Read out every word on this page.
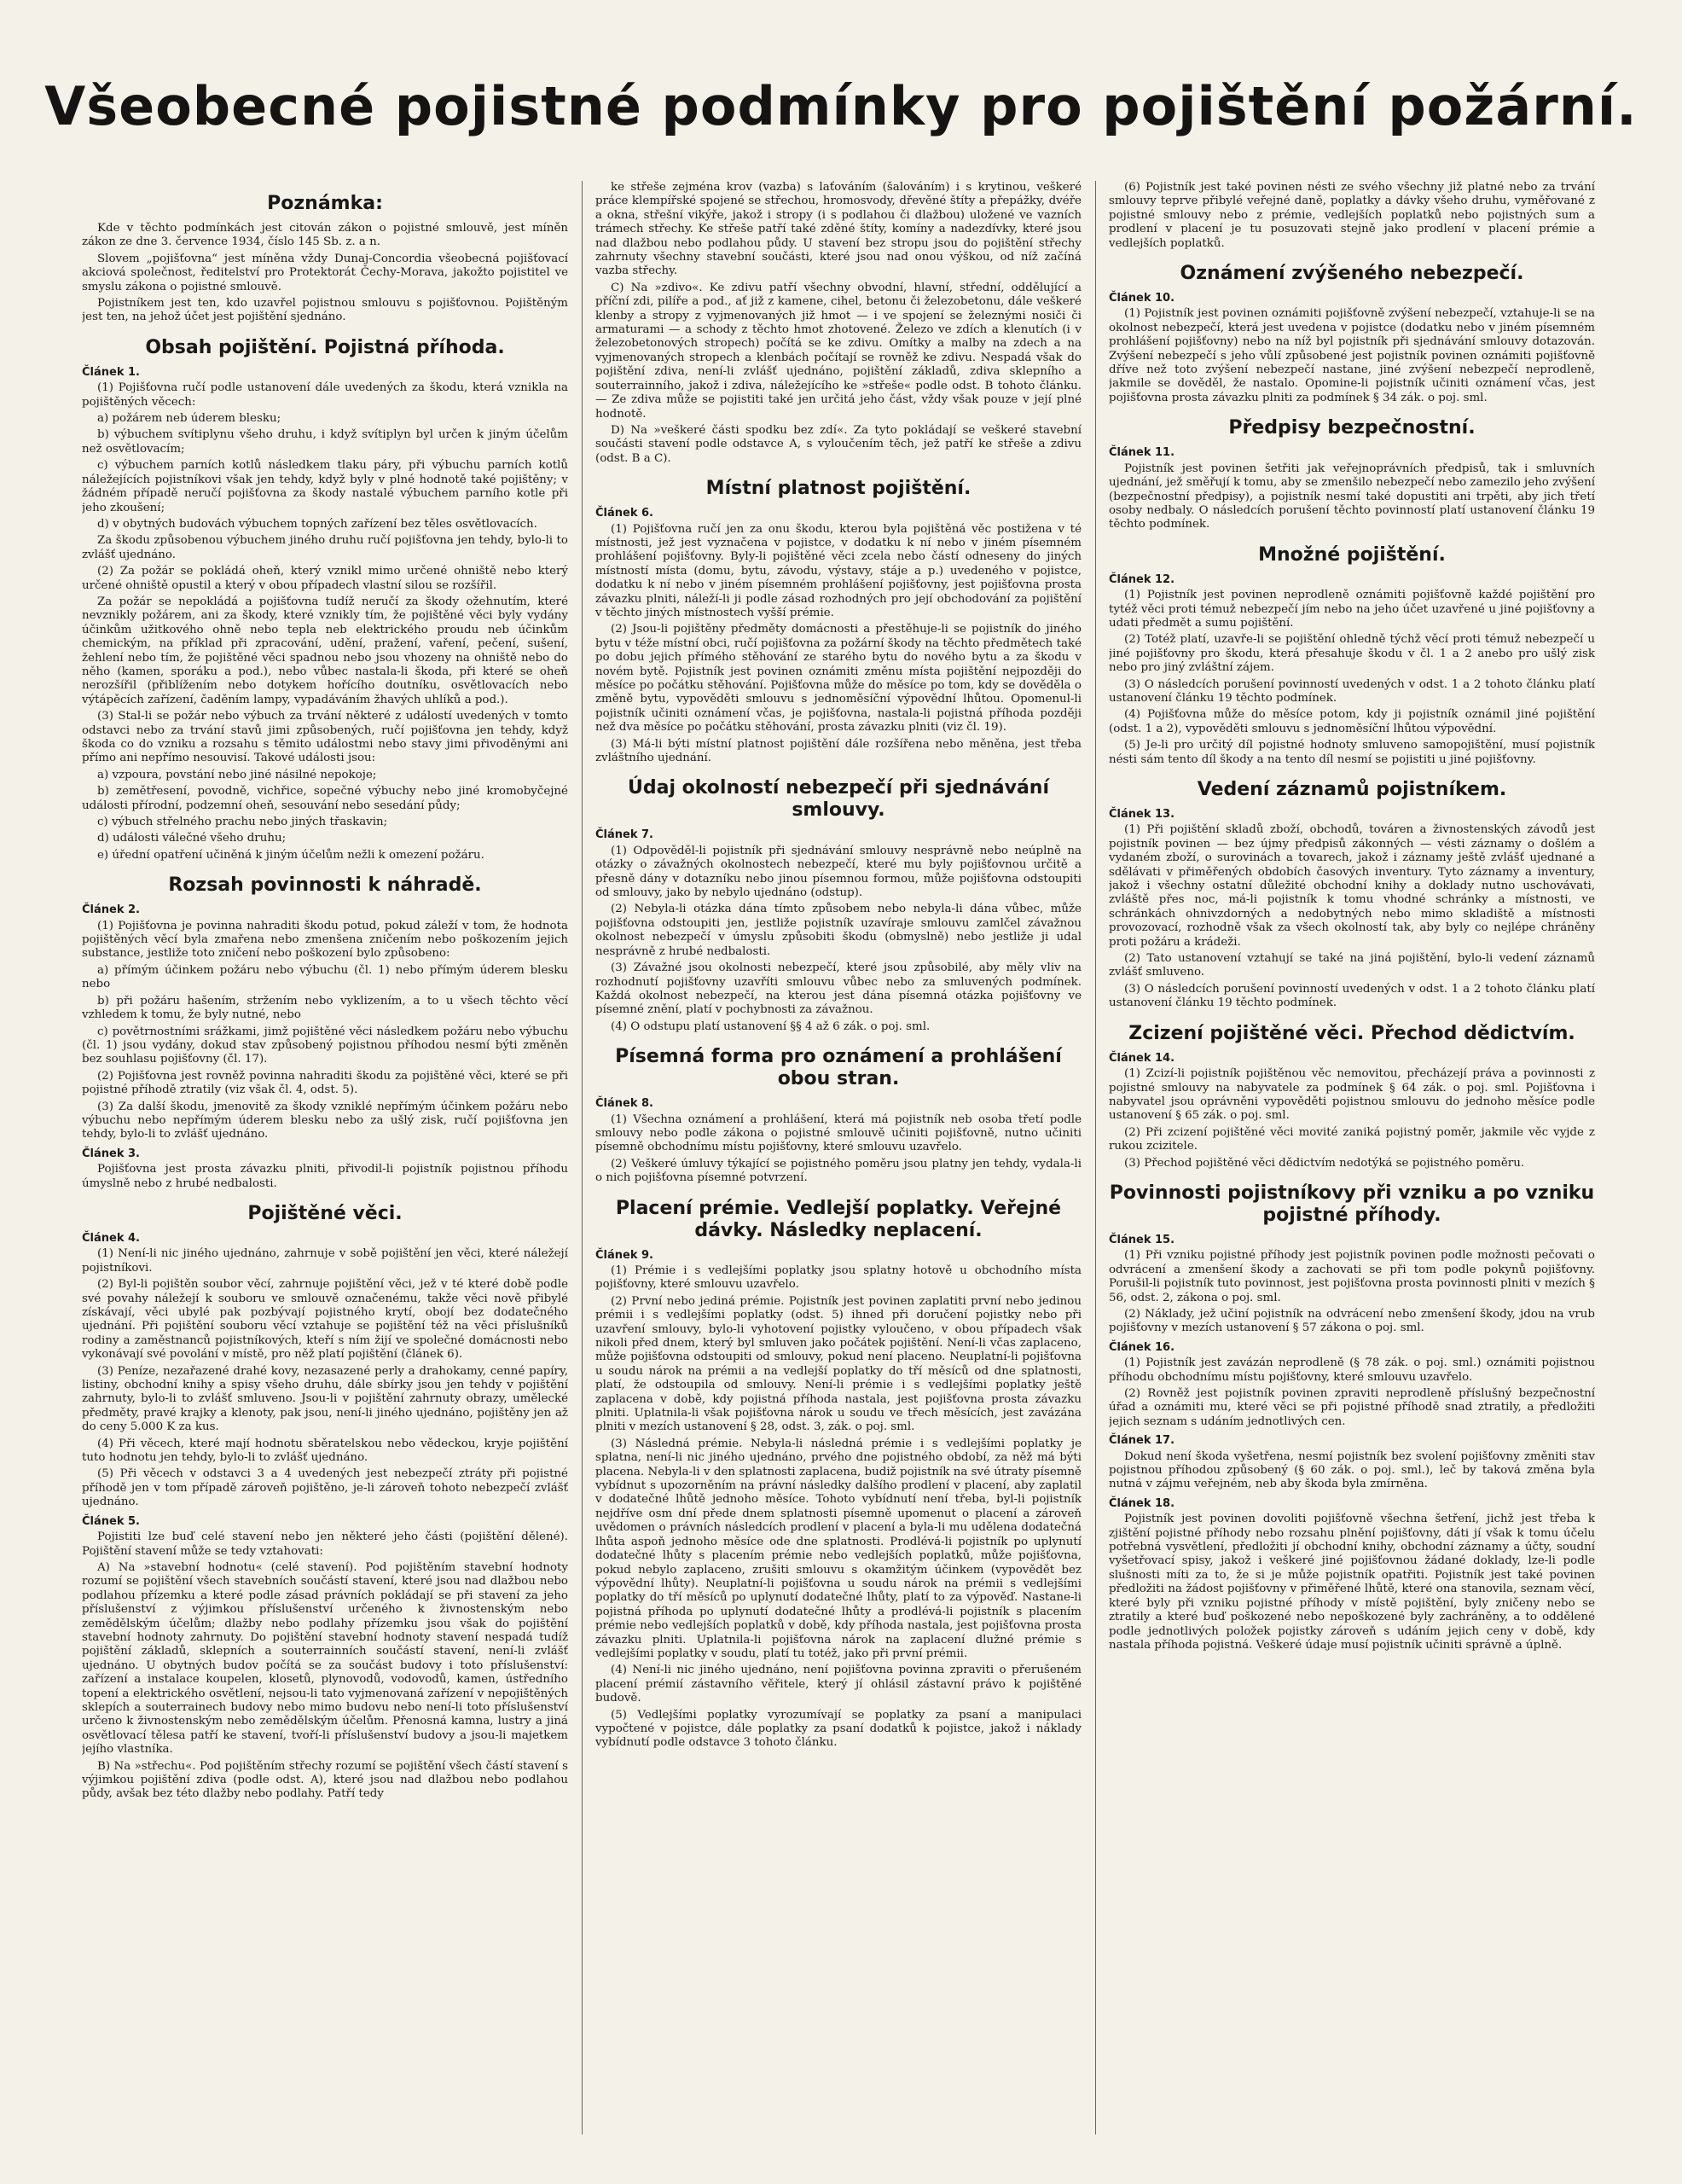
Všeobecné pojistné podmínky pro pojištění požární.
Poznámka:

Kde v těchto podmínkách jest citován zákon o pojistné smlouvě, jest míněn zákon ze dne 3. července 1934, číslo 145 Sb. z. a n.

Slovem „pojišťovna“ jest míněna vždy Dunaj-Concordia všeobecná pojišťovací akciová společnost, ředitelství pro Protektorát Čechy-Morava, jakožto pojistitel ve smyslu zákona o pojistné smlouvě.

Pojistníkem jest ten, kdo uzavřel pojistnou smlouvu s pojišťovnou. Pojištěným jest ten, na jehož účet jest pojištění sjednáno.

Obsah pojištění. Pojistná příhoda.
Článek 1.

(1) Pojišťovna ručí podle ustanovení dále uvedených za škodu, která vznikla na pojištěných věcech:

a) požárem neb úderem blesku;

b) výbuchem svítiplynu všeho druhu, i když svítiplyn byl určen k jiným účelům než osvětlovacím;

c) výbuchem parních kotlů následkem tlaku páry, při výbuchu parních kotlů náležejících pojistníkovi však jen tehdy, když byly v plné hodnotě také pojištěny; v žádném případě neručí pojišťovna za škody nastalé výbuchem parního kotle při jeho zkoušení;

d) v obytných budovách výbuchem topných zařízení bez těles osvětlovacích.

Za škodu způsobenou výbuchem jiného druhu ručí pojišťovna jen tehdy, bylo-li to zvlášť ujednáno.

(2) Za požár se pokládá oheň, který vznikl mimo určené ohniště nebo který určené ohniště opustil a který v obou případech vlastní silou se rozšířil.

Za požár se nepokládá a pojišťovna tudíž neručí za škody ožehnutím, které nevznikly požárem, ani za škody, které vznikly tím, že pojištěné věci byly vydány účinkům užitkového ohně nebo tepla neb elektrického proudu neb účinkům chemickým, na příklad při zpracování, udění, pražení, vaření, pečení, sušení, žehlení nebo tím, že pojištěné věci spadnou nebo jsou vhozeny na ohniště nebo do něho (kamen, sporáku a pod.), nebo vůbec nastala-li škoda, při které se oheň nerozšířil (přiblížením nebo dotykem hořícího doutníku, osvětlovacích nebo výtápěcích zařízení, čaděním lampy, vypadáváním žhavých uhlíků a pod.).

(3) Stal-li se požár nebo výbuch za trvání některé z událostí uvedených v tomto odstavci nebo za trvání stavů jimi způsobených, ručí pojišťovna jen tehdy, když škoda co do vzniku a rozsahu s těmito událostmi nebo stavy jimi přivoděnými ani přímo ani nepřímo nesouvisí. Takové události jsou:

a) vzpoura, povstání nebo jiné násilné nepokoje;

b) zemětřesení, povodně, vichřice, sopečné výbuchy nebo jiné kromobyčejné události přírodní, podzemní oheň, sesouvání nebo sesedání půdy;

c) výbuch střelného prachu nebo jiných třaskavin;

d) události válečné všeho druhu;

e) úřední opatření učiněná k jiným účelům nežli k omezení požáru.

Rozsah povinnosti k náhradě.
Článek 2.

(1) Pojišťovna je povinna nahraditi škodu potud, pokud záleží v tom, že hodnota pojištěných věcí byla zmařena nebo zmenšena zničením nebo poškozením jejich substance, jestliže toto zničení nebo poškození bylo způsobeno:

a) přímým účinkem požáru nebo výbuchu (čl. 1) nebo přímým úderem blesku nebo

b) při požáru hašením, stržením nebo vyklizením, a to u všech těchto věcí vzhledem k tomu, že byly nutné, nebo

c) povětrnostními srážkami, jimž pojištěné věci následkem požáru nebo výbuchu (čl. 1) jsou vydány, dokud stav způsobený pojistnou příhodou nesmí býti změněn bez souhlasu pojišťovny (čl. 17).

(2) Pojišťovna jest rovněž povinna nahraditi škodu za pojištěné věci, které se při pojistné příhodě ztratily (viz však čl. 4, odst. 5).

(3) Za další škodu, jmenovitě za škody vzniklé nepřímým účinkem požáru nebo výbuchu nebo nepřímým úderem blesku nebo za ušlý zisk, ručí pojišťovna jen tehdy, bylo-li to zvlášť ujednáno.

Článek 3.

Pojišťovna jest prosta závazku plniti, přivodil-li pojistník pojistnou příhodu úmyslně nebo z hrubé nedbalosti.

Pojištěné věci.
Článek 4.

(1) Není-li nic jiného ujednáno, zahrnuje v sobě pojištění jen věci, které náležejí pojistníkovi.

(2) Byl-li pojištěn soubor věcí, zahrnuje pojištění věci, jež v té které době podle své povahy náležejí k souboru ve smlouvě označenému, takže věci nově přibylé získávají, věci ubylé pak pozbývají pojistného krytí, obojí bez dodatečného ujednání. Při pojištění souboru věcí vztahuje se pojištění též na věci příslušníků rodiny a zaměstnanců pojistníkových, kteří s ním žijí ve společné domácnosti nebo vykonávají své povolání v místě, pro něž platí pojištění (článek 6).

(3) Peníze, nezařazené drahé kovy, nezasazené perly a drahokamy, cenné papíry, listiny, obchodní knihy a spisy všeho druhu, dále sbírky jsou jen tehdy v pojištění zahrnuty, bylo-li to zvlášť smluveno. Jsou-li v pojištění zahrnuty obrazy, umělecké předměty, pravé krajky a klenoty, pak jsou, není-li jiného ujednáno, pojištěny jen až do ceny 5.000 K za kus.

(4) Při věcech, které mají hodnotu sběratelskou nebo vědeckou, kryje pojištění tuto hodnotu jen tehdy, bylo-li to zvlášť ujednáno.

(5) Při věcech v odstavci 3 a 4 uvedených jest nebezpečí ztráty při pojistné příhodě jen v tom případě zároveň pojištěno, je-li zároveň tohoto nebezpečí zvlášť ujednáno.

Článek 5.

Pojistiti lze buď celé stavení nebo jen některé jeho části (pojištění dělené). Pojištění stavení může se tedy vztahovati:

A) Na »stavební hodnotu« (celé stavení). Pod pojištěním stavební hodnoty rozumí se pojištění všech stavebních součástí stavení, které jsou nad dlažbou nebo podlahou přízemku a které podle zásad právních pokládají se při stavení za jeho příslušenství z výjimkou příslušenství určeného k živnostenským nebo zemědělským účelům; dlažby nebo podlahy přízemku jsou však do pojištění stavební hodnoty zahrnuty. Do pojištění stavební hodnoty stavení nespadá tudíž pojištění základů, sklepních a souterrainních součástí stavení, není-li zvlášť ujednáno. U obytných budov počítá se za součást budovy i toto příslušenství: zařízení a instalace koupelen, klosetů, plynovodů, vodovodů, kamen, ústředního topení a elektrického osvětlení, nejsou-li tato vyjmenovaná zařízení v nepojištěných sklepích a souterrainech budovy nebo mimo budovu nebo není-li toto příslušenství určeno k živnostenským nebo zemědělským účelům. Přenosná kamna, lustry a jiná osvětlovací tělesa patří ke stavení, tvoří-li příslušenství budovy a jsou-li majetkem jejího vlastníka.

B) Na »střechu«. Pod pojištěním střechy rozumí se pojištění všech částí stavení s výjimkou pojištění zdiva (podle odst. A), které jsou nad dlažbou nebo podlahou půdy, avšak bez této dlažby nebo podlahy. Patří tedy

ke střeše zejména krov (vazba) s laťováním (šalováním) i s krytinou, veškeré práce klempířské spojené se střechou, hromosvody, dřevěné štíty a přepážky, dvéře a okna, střešní vikýře, jakož i stropy (i s podlahou či dlažbou) uložené ve vazních trámech střechy. Ke střeše patří také zděné štíty, komíny a nadezdívky, které jsou nad dlažbou nebo podlahou půdy. U stavení bez stropu jsou do pojištění střechy zahrnuty všechny stavební součásti, které jsou nad onou výškou, od níž začíná vazba střechy.

C) Na »zdivo«. Ke zdivu patří všechny obvodní, hlavní, střední, oddělující a příční zdi, pilíře a pod., ať již z kamene, cihel, betonu či železobetonu, dále veškeré klenby a stropy z vyjmenovaných již hmot — i ve spojení se železnými nosiči či armaturami — a schody z těchto hmot zhotovené. Železo ve zdích a klenutích (i v železobetonových stropech) počítá se ke zdivu. Omítky a malby na zdech a na vyjmenovaných stropech a klenbách počítají se rovněž ke zdivu. Nespadá však do pojištění zdiva, není-li zvlášť ujednáno, pojištění základů, zdiva sklepního a souterrainního, jakož i zdiva, náležejícího ke »střeše« podle odst. B tohoto článku. — Ze zdiva může se pojistiti také jen určitá jeho část, vždy však pouze v její plné hodnotě.

D) Na »veškeré části spodku bez zdí«. Za tyto pokládají se veškeré stavební součásti stavení podle odstavce A, s vyloučením těch, jež patří ke střeše a zdivu (odst. B a C).

Místní platnost pojištění.
Článek 6.

(1) Pojišťovna ručí jen za onu škodu, kterou byla pojištěná věc postižena v té místnosti, jež jest vyznačena v pojistce, v dodatku k ní nebo v jiném písemném prohlášení pojišťovny. Byly-li pojištěné věci zcela nebo částí odneseny do jiných místností místa (domu, bytu, závodu, výstavy, stáje a p.) uvedeného v pojistce, dodatku k ní nebo v jiném písemném prohlášení pojišťovny, jest pojišťovna prosta závazku plniti, náleží-li ji podle zásad rozhodných pro její obchodování za pojištění v těchto jiných místnostech vyšší prémie.

(2) Jsou-li pojištěny předměty domácnosti a přestěhuje-li se pojistník do jiného bytu v téže místní obci, ručí pojišťovna za požární škody na těchto předmětech také po dobu jejich přímého stěhování ze starého bytu do nového bytu a za škodu v novém bytě. Pojistník jest povinen oznámiti změnu místa pojištění nejpozději do měsíce po počátku stěhování. Pojišťovna může do měsíce po tom, kdy se dověděla o změně bytu, vypověděti smlouvu s jednoměsíční výpovědní lhůtou. Opomenul-li pojistník učiniti oznámení včas, je pojišťovna, nastala-li pojistná příhoda později než dva měsíce po počátku stěhování, prosta závazku plniti (viz čl. 19).

(3) Má-li býti místní platnost pojištění dále rozšířena nebo měněna, jest třeba zvláštního ujednání.

Údaj okolností nebezpečí při sjednávání smlouvy.
Článek 7.

(1) Odpověděl-li pojistník při sjednávání smlouvy nesprávně nebo neúplně na otázky o závažných okolnostech nebezpečí, které mu byly pojišťovnou určitě a přesně dány v dotazníku nebo jinou písemnou formou, může pojišťovna odstoupiti od smlouvy, jako by nebylo ujednáno (odstup).

(2) Nebyla-li otázka dána tímto způsobem nebo nebyla-li dána vůbec, může pojišťovna odstoupiti jen, jestliže pojistník uzavíraje smlouvu zamlčel závažnou okolnost nebezpečí v úmyslu způsobiti škodu (obmyslně) nebo jestliže ji udal nesprávně z hrubé nedbalosti.

(3) Závažné jsou okolnosti nebezpečí, které jsou způsobilé, aby měly vliv na rozhodnutí pojišťovny uzavříti smlouvu vůbec nebo za smluvených podmínek. Každá okolnost nebezpečí, na kterou jest dána písemná otázka pojišťovny ve písemné znění, platí v pochybnosti za závažnou.

(4) O odstupu platí ustanovení §§ 4 až 6 zák. o poj. sml.

Písemná forma pro oznámení a prohlášení obou stran.
Článek 8.

(1) Všechna oznámení a prohlášení, která má pojistník neb osoba třetí podle smlouvy nebo podle zákona o pojistné smlouvě učiniti pojišťovně, nutno učiniti písemně obchodnímu místu pojišťovny, které smlouvu uzavřelo.

(2) Veškeré úmluvy týkající se pojistného poměru jsou platny jen tehdy, vydala-li o nich pojišťovna písemné potvrzení.

Placení prémie. Vedlejší poplatky. Veřejné dávky. Následky neplacení.
Článek 9.

(1) Prémie i s vedlejšími poplatky jsou splatny hotově u obchodního místa pojišťovny, které smlouvu uzavřelo.

(2) První nebo jediná prémie. Pojistník jest povinen zaplatiti první nebo jedinou prémii i s vedlejšími poplatky (odst. 5) ihned při doručení pojistky nebo při uzavření smlouvy, bylo-li vyhotovení pojistky vyloučeno, v obou případech však nikoli před dnem, který byl smluven jako počátek pojištění. Není-li včas zaplaceno, může pojišťovna odstoupiti od smlouvy, pokud není placeno. Neuplatní-li pojišťovna u soudu nárok na prémii a na vedlejší poplatky do tří měsíců od dne splatnosti, platí, že odstoupila od smlouvy. Není-li prémie i s vedlejšími poplatky ještě zaplacena v době, kdy pojistná příhoda nastala, jest pojišťovna prosta závazku plniti. Uplatnila-li však pojišťovna nárok u soudu ve třech měsících, jest zavázána plniti v mezích ustanovení § 28, odst. 3, zák. o poj. sml.

(3) Následná prémie. Nebyla-li následná prémie i s vedlejšími poplatky je splatna, není-li nic jiného ujednáno, prvého dne pojistného období, za něž má býti placena. Nebyla-li v den splatnosti zaplacena, budiž pojistník na své útraty písemně vybídnut s upozorněním na právní následky dalšího prodlení v placení, aby zaplatil v dodatečné lhůtě jednoho měsíce. Tohoto vybídnutí není třeba, byl-li pojistník nejdříve osm dní přede dnem splatnosti písemně upomenut o placení a zároveň uvědomen o právních následcích prodlení v placení a byla-li mu udělena dodatečná lhůta aspoň jednoho měsíce ode dne splatnosti. Prodlévá-li pojistník po uplynutí dodatečné lhůty s placením prémie nebo vedlejších poplatků, může pojišťovna, pokud nebylo zaplaceno, zrušiti smlouvu s okamžitým účinkem (vypovědět bez výpovědní lhůty). Neuplatní-li pojišťovna u soudu nárok na prémii s vedlejšími poplatky do tří měsíců po uplynutí dodatečné lhůty, platí to za výpověď. Nastane-li pojistná příhoda po uplynutí dodatečné lhůty a prodlévá-li pojistník s placením prémie nebo vedlejších poplatků v době, kdy příhoda nastala, jest pojišťovna prosta závazku plniti. Uplatnila-li pojišťovna nárok na zaplacení dlužné prémie s vedlejšími poplatky v soudu, platí tu totéž, jako při první prémii.

(4) Není-li nic jiného ujednáno, není pojišťovna povinna zpraviti o přerušeném placení prémií zástavního věřitele, který jí ohlásil zástavní právo k pojištěné budově.

(5) Vedlejšími poplatky vyrozumívají se poplatky za psaní a manipulaci vypočtené v pojistce, dále poplatky za psaní dodatků k pojistce, jakož i náklady vybídnutí podle odstavce 3 tohoto článku.

(6) Pojistník jest také povinen nésti ze svého všechny již platné nebo za trvání smlouvy teprve přibylé veřejné daně, poplatky a dávky všeho druhu, vyměřované z pojistné smlouvy nebo z prémie, vedlejších poplatků nebo pojistných sum a prodlení v placení je tu posuzovati stejně jako prodlení v placení prémie a vedlejších poplatků.

Oznámení zvýšeného nebezpečí.
Článek 10.

(1) Pojistník jest povinen oznámiti pojišťovně zvýšení nebezpečí, vztahuje-li se na okolnost nebezpečí, která jest uvedena v pojistce (dodatku nebo v jiném písemném prohlášení pojišťovny) nebo na níž byl pojistník při sjednávání smlouvy dotazován. Zvýšení nebezpečí s jeho vůlí způsobené jest pojistník povinen oznámiti pojišťovně dříve než toto zvýšení nebezpečí nastane, jiné zvýšení nebezpečí neprodleně, jakmile se dověděl, že nastalo. Opomine-li pojistník učiniti oznámení včas, jest pojišťovna prosta závazku plniti za podmínek § 34 zák. o poj. sml.

Předpisy bezpečnostní.
Článek 11.

Pojistník jest povinen šetřiti jak veřejnoprávních předpisů, tak i smluvních ujednání, jež směřují k tomu, aby se zmenšilo nebezpečí nebo zamezilo jeho zvýšení (bezpečnostní předpisy), a pojistník nesmí také dopustiti ani trpěti, aby jich třetí osoby nedbaly. O následcích porušení těchto povinností platí ustanovení článku 19 těchto podmínek.

Množné pojištění.
Článek 12.

(1) Pojistník jest povinen neprodleně oznámiti pojišťovně každé pojištění pro tytéž věci proti témuž nebezpečí jím nebo na jeho účet uzavřené u jiné pojišťovny a udati předmět a sumu pojištění.

(2) Totéž platí, uzavře-li se pojištění ohledně týchž věcí proti témuž nebezpečí u jiné pojišťovny pro škodu, která přesahuje škodu v čl. 1 a 2 anebo pro ušlý zisk nebo pro jiný zvláštní zájem.

(3) O následcích porušení povinností uvedených v odst. 1 a 2 tohoto článku platí ustanovení článku 19 těchto podmínek.

(4) Pojišťovna může do měsíce potom, kdy ji pojistník oznámil jiné pojištění (odst. 1 a 2), vypověděti smlouvu s jednoměsíční lhůtou výpovědní.

(5) Je-li pro určitý díl pojistné hodnoty smluveno samopojištění, musí pojistník nésti sám tento díl škody a na tento díl nesmí se pojistiti u jiné pojišťovny.

Vedení záznamů pojistníkem.
Článek 13.

(1) Při pojištění skladů zboží, obchodů, továren a živnostenských závodů jest pojistník povinen — bez újmy předpisů zákonných — vésti záznamy o došlém a vydaném zboží, o surovinách a tovarech, jakož i záznamy ještě zvlášť ujednané a sdělávati v přiměřených obdobích časových inventury. Tyto záznamy a inventury, jakož i všechny ostatní důležité obchodní knihy a doklady nutno uschovávati, zvláště přes noc, má-li pojistník k tomu vhodné schránky a místnosti, ve schránkách ohnivzdorných a nedobytných nebo mimo skladiště a místnosti provozovací, rozhodně však za všech okolností tak, aby byly co nejlépe chráněny proti požáru a krádeži.

(2) Tato ustanovení vztahují se také na jiná pojištění, bylo-li vedení záznamů zvlášť smluveno.

(3) O následcích porušení povinností uvedených v odst. 1 a 2 tohoto článku platí ustanovení článku 19 těchto podmínek.

Zcizení pojištěné věci. Přechod dědictvím.
Článek 14.

(1) Zcizí-li pojistník pojištěnou věc nemovitou, přecházejí práva a povinnosti z pojistné smlouvy na nabyvatele za podmínek § 64 zák. o poj. sml. Pojišťovna i nabyvatel jsou oprávněni vypověděti pojistnou smlouvu do jednoho měsíce podle ustanovení § 65 zák. o poj. sml.

(2) Při zcizení pojištěné věci movité zaniká pojistný poměr, jakmile věc vyjde z rukou zcizitele.

(3) Přechod pojištěné věci dědictvím nedotýká se pojistného poměru.

Povinnosti pojistníkovy při vzniku a po vzniku pojistné příhody.
Článek 15.

(1) Při vzniku pojistné příhody jest pojistník povinen podle možnosti pečovati o odvrácení a zmenšení škody a zachovati se při tom podle pokynů pojišťovny. Porušil-li pojistník tuto povinnost, jest pojišťovna prosta povinnosti plniti v mezích § 56, odst. 2, zákona o poj. sml.

(2) Náklady, jež učiní pojistník na odvrácení nebo zmenšení škody, jdou na vrub pojišťovny v mezích ustanovení § 57 zákona o poj. sml.

Článek 16.

(1) Pojistník jest zavázán neprodleně (§ 78 zák. o poj. sml.) oznámiti pojistnou příhodu obchodnímu místu pojišťovny, které smlouvu uzavřelo.

(2) Rovněž jest pojistník povinen zpraviti neprodleně příslušný bezpečnostní úřad a oznámiti mu, které věci se při pojistné příhodě snad ztratily, a předložiti jejich seznam s udáním jednotlivých cen.

Článek 17.

Dokud není škoda vyšetřena, nesmí pojistník bez svolení pojišťovny změniti stav pojistnou příhodou způsobený (§ 60 zák. o poj. sml.), leč by taková změna byla nutná v zájmu veřejném, neb aby škoda byla zmírněna.

Článek 18.

Pojistník jest povinen dovoliti pojišťovně všechna šetření, jichž jest třeba k zjištění pojistné příhody nebo rozsahu plnění pojišťovny, dáti jí však k tomu účelu potřebná vysvětlení, předložiti jí obchodní knihy, obchodní záznamy a účty, soudní vyšetřovací spisy, jakož i veškeré jiné pojišťovnou žádané doklady, lze-li podle slušnosti míti za to, že si je může pojistník opatřiti. Pojistník jest také povinen předložiti na žádost pojišťovny v přiměřené lhůtě, které ona stanovila, seznam věcí, které byly při vzniku pojistné příhody v místě pojištění, byly zničeny nebo se ztratily a které buď poškozené nebo nepoškozené byly zachráněny, a to oddělené podle jednotlivých položek pojistky zároveň s udáním jejich ceny v době, kdy nastala příhoda pojistná. Veškeré údaje musí pojistník učiniti správně a úplně.
